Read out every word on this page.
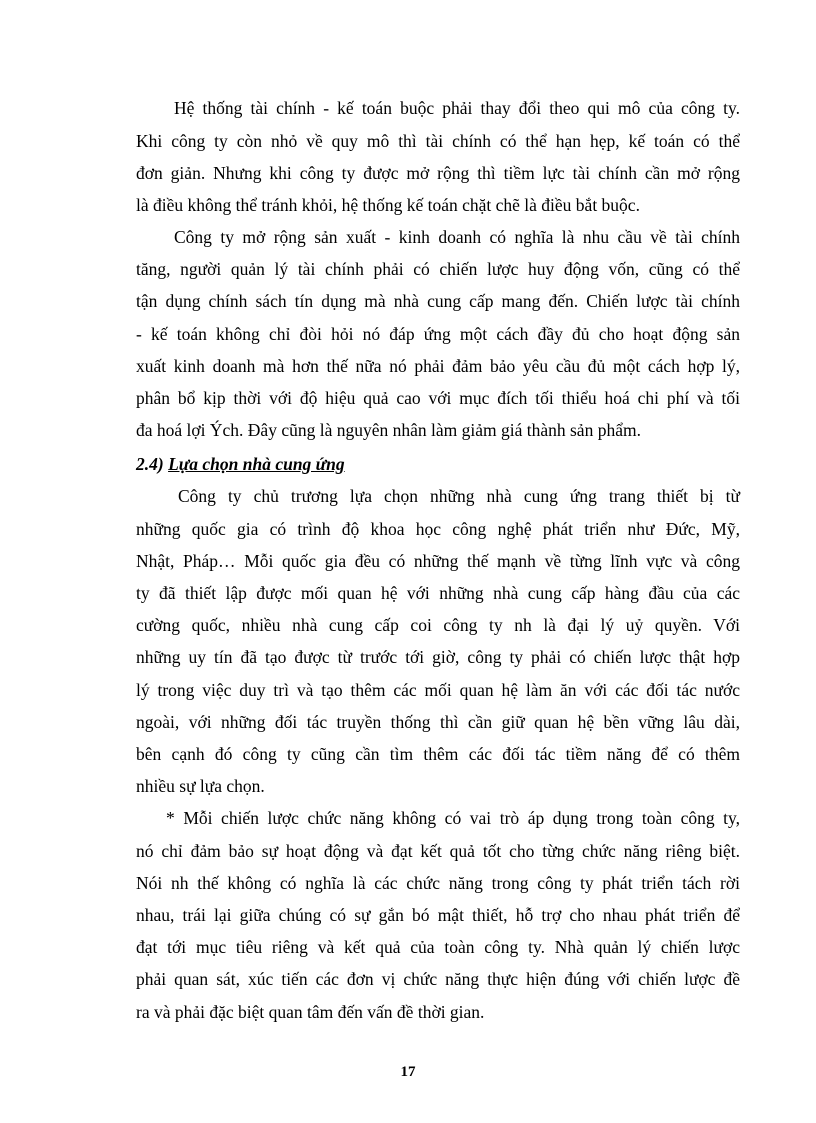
Hệ thống tài chính - kế toán buộc phải thay đổi theo qui mô của công ty.
Khi công ty còn nhỏ về quy mô thì tài chính có thể hạn hẹp, kế toán có thể
đơn giản. Nhưng khi công ty được mở rộng thì tiềm lực tài chính cần mở rộng
là điều không thể tránh khỏi, hệ thống kế toán chặt chẽ là điều bắt buộc.
Công ty mở rộng sản xuất - kinh doanh có nghĩa là nhu cầu về tài chính
tăng, người quản lý tài chính phải có chiến lược huy động vốn, cũng có thể
tận dụng chính sách tín dụng mà nhà cung cấp mang đến. Chiến lược tài chính
- kế toán không chỉ đòi hỏi nó đáp ứng một cách đầy đủ cho hoạt động sản
xuất kinh doanh mà hơn thế nữa nó phải đảm bảo yêu cầu đủ một cách hợp lý,
phân bổ kịp thời với độ hiệu quả cao với mục đích tối thiểu hoá chi phí và tối
đa hoá lợi Ých. Đây cũng là nguyên nhân làm giảm giá thành sản phẩm.
2.4) Lựa chọn nhà cung ứng
Công ty chủ trương lựa chọn những nhà cung ứng trang thiết bị từ
những quốc gia có trình độ khoa học công nghệ phát triển như Đức, Mỹ,
Nhật, Pháp… Mỗi quốc gia đều có những thế mạnh về từng lĩnh vực và công
ty đã thiết lập được mối quan hệ với những nhà cung cấp hàng đầu của các
cường quốc, nhiều nhà cung cấp coi công ty nh là đại lý uỷ quyền. Với
những uy tín đã tạo được từ trước tới giờ, công ty phải có chiến lược thật hợp
lý trong việc duy trì và tạo thêm các mối quan hệ làm ăn với các đối tác nước
ngoài, với những đối tác truyền thống thì cần giữ quan hệ bền vững lâu dài,
bên cạnh đó công ty cũng cần tìm thêm các đối tác tiềm năng để có thêm
nhiều sự lựa chọn.
* Mỗi chiến lược chức năng không có vai trò áp dụng trong toàn công ty,
nó chỉ đảm bảo sự hoạt động và đạt kết quả tốt cho từng chức năng riêng biệt.
Nói nh thế không có nghĩa là các chức năng trong công ty phát triển tách rời
nhau, trái lại giữa chúng có sự gắn bó mật thiết, hỗ trợ cho nhau phát triển để
đạt tới mục tiêu riêng và kết quả của toàn công ty. Nhà quản lý chiến lược
phải quan sát, xúc tiến các đơn vị chức năng thực hiện đúng với chiến lược đề
ra và phải đặc biệt quan tâm đến vấn đề thời gian.
17
